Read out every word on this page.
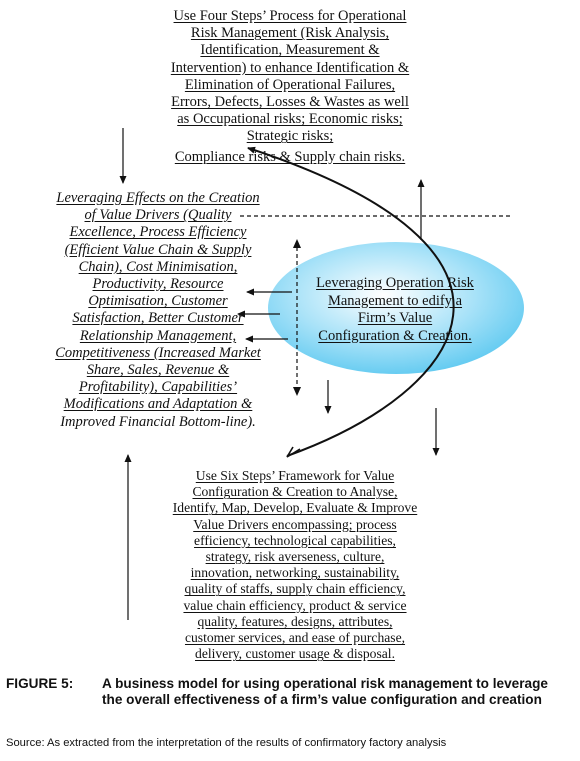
Use Four Steps’ Process for Operational
Risk Management (Risk Analysis,
Identification, Measurement &
Intervention) to enhance Identification &
Elimination of Operational Failures,
Errors, Defects, Losses & Wastes as well
as Occupational risks; Economic risks;
Strategic risks;
Compliance risks & Supply chain risks.
Leveraging Effects on the Creation
of Value Drivers (Quality
Excellence, Process Efficiency
(Efficient Value Chain & Supply
Chain), Cost Minimisation,
Productivity, Resource
Optimisation, Customer
Satisfaction, Better Customer
Relationship Management,
Competitiveness (Increased Market
Share, Sales, Revenue &
Profitability), Capabilities’
Modifications and Adaptation &
Improved Financial Bottom-line).
Leveraging Operation Risk
Management to edify a
Firm’s Value
Configuration & Creation.
Use Six Steps’ Framework for Value
Configuration & Creation to Analyse,
Identify, Map, Develop, Evaluate & Improve
Value Drivers encompassing; process
efficiency, technological capabilities,
strategy, risk averseness, culture,
innovation, networking, sustainability,
quality of staffs, supply chain efficiency,
value chain efficiency, product & service
quality, features, designs, attributes,
customer services, and ease of purchase,
delivery, customer usage & disposal.
FIGURE 5: A business model for using operational risk management to leverage the overall effectiveness of a firm’s value configuration and creation
Source: As extracted from the interpretation of the results of confirmatory factory analysis
